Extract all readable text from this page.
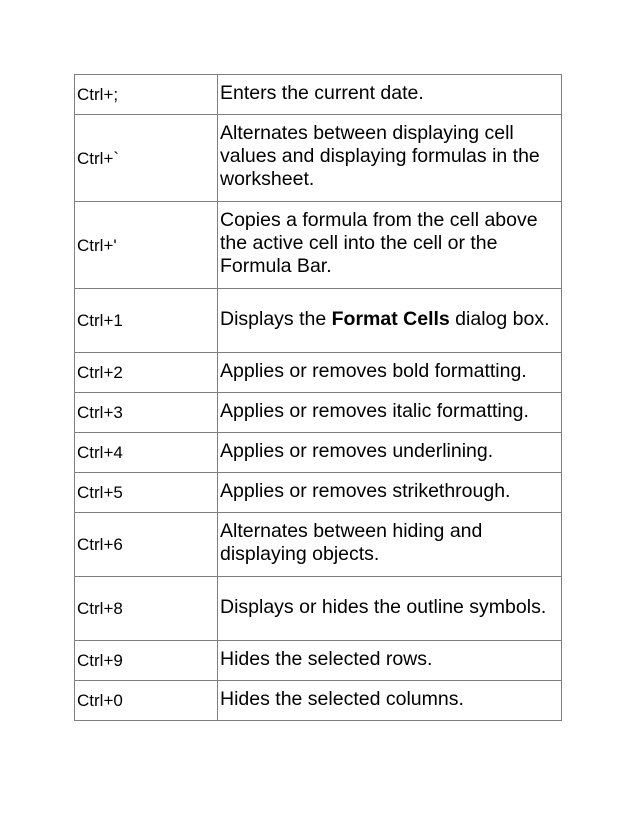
Ctrl+;	Enters the current date.
Ctrl+`	Alternates between displaying cell values and displaying formulas in the worksheet.
Ctrl+'	Copies a formula from the cell above the active cell into the cell or the Formula Bar.
Ctrl+1	Displays the Format Cells dialog box.
Ctrl+2	Applies or removes bold formatting.
Ctrl+3	Applies or removes italic formatting.
Ctrl+4	Applies or removes underlining.
Ctrl+5	Applies or removes strikethrough.
Ctrl+6	Alternates between hiding and displaying objects.
Ctrl+8	Displays or hides the outline symbols.
Ctrl+9	Hides the selected rows.
Ctrl+0	Hides the selected columns.
